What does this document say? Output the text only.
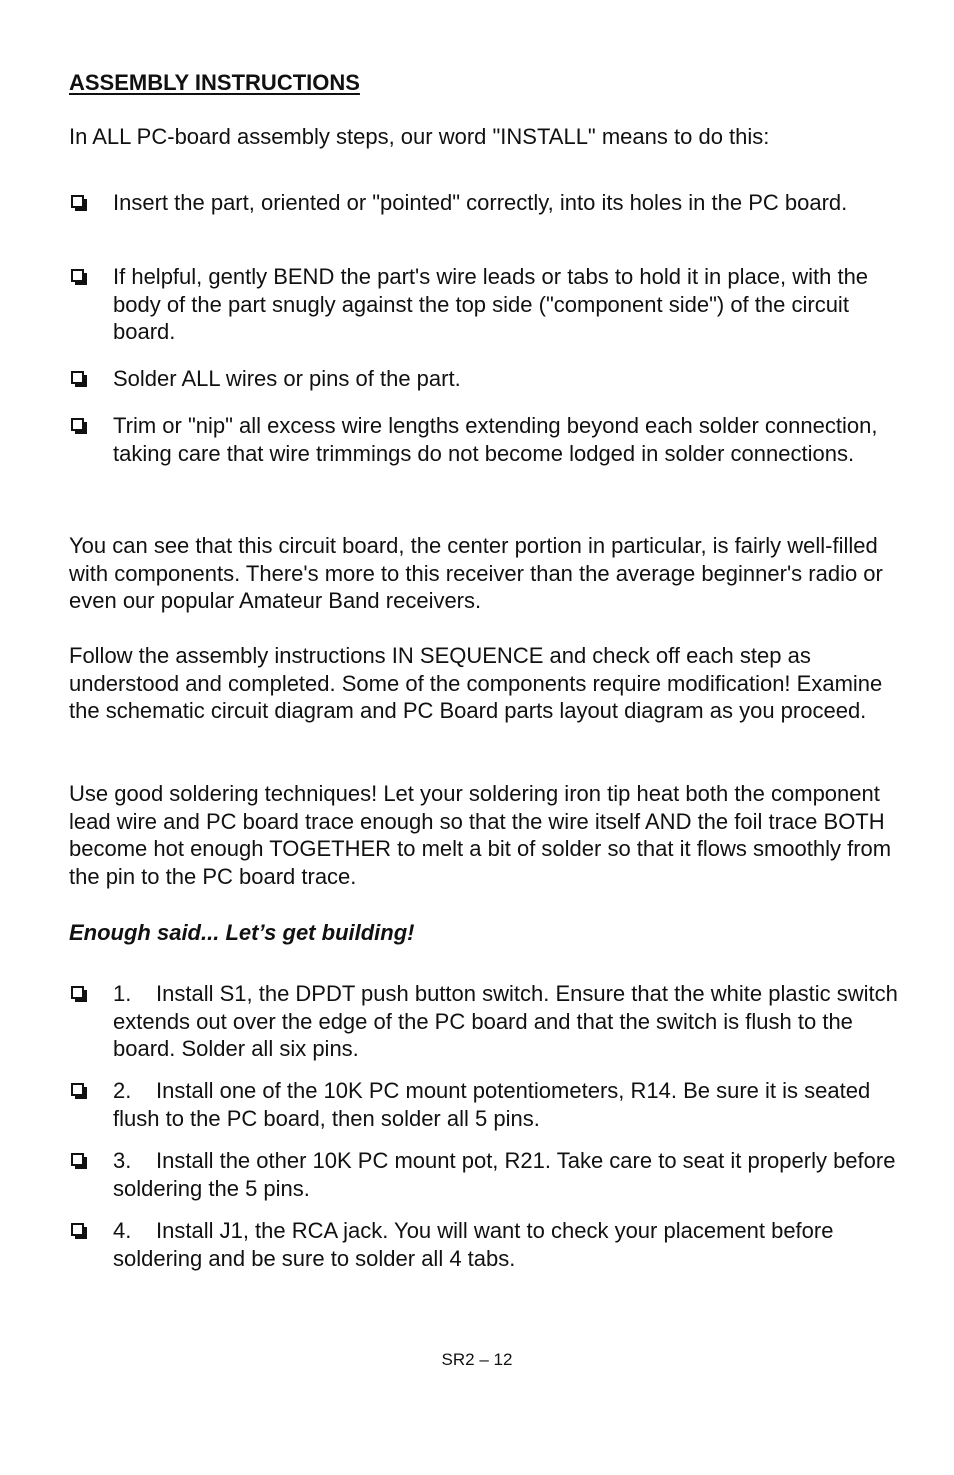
ASSEMBLY INSTRUCTIONS

In ALL PC-board assembly steps, our word "INSTALL" means to do this:

Insert the part, oriented or "pointed" correctly, into its holes in the PC board.
If helpful, gently BEND the part's wire leads or tabs to hold it in place, with the body of the part snugly against the top side ("component side") of the circuit board.
Solder ALL wires or pins of the part.
Trim or "nip" all excess wire lengths extending beyond each solder connection, taking care that wire trimmings do not become lodged in solder connections.

You can see that this circuit board, the center portion in particular, is fairly well-filled with components. There's more to this receiver than the average beginner's radio or even our popular Amateur Band receivers.

Follow the assembly instructions IN SEQUENCE and check off each step as understood and completed. Some of the components require modification! Examine the schematic circuit diagram and PC Board parts layout diagram as you proceed.

Use good soldering techniques! Let your soldering iron tip heat both the component lead wire and PC board trace enough so that the wire itself AND the foil trace BOTH become hot enough TOGETHER to melt a bit of solder so that it flows smoothly from the pin to the PC board trace.

Enough said... Let’s get building!

1. Install S1, the DPDT push button switch. Ensure that the white plastic switch extends out over the edge of the PC board and that the switch is flush to the board. Solder all six pins.
2. Install one of the 10K PC mount potentiometers, R14. Be sure it is seated flush to the PC board, then solder all 5 pins.
3. Install the other 10K PC mount pot, R21. Take care to seat it properly before soldering the 5 pins.
4. Install J1, the RCA jack. You will want to check your placement before soldering and be sure to solder all 4 tabs.
SR2 – 12
